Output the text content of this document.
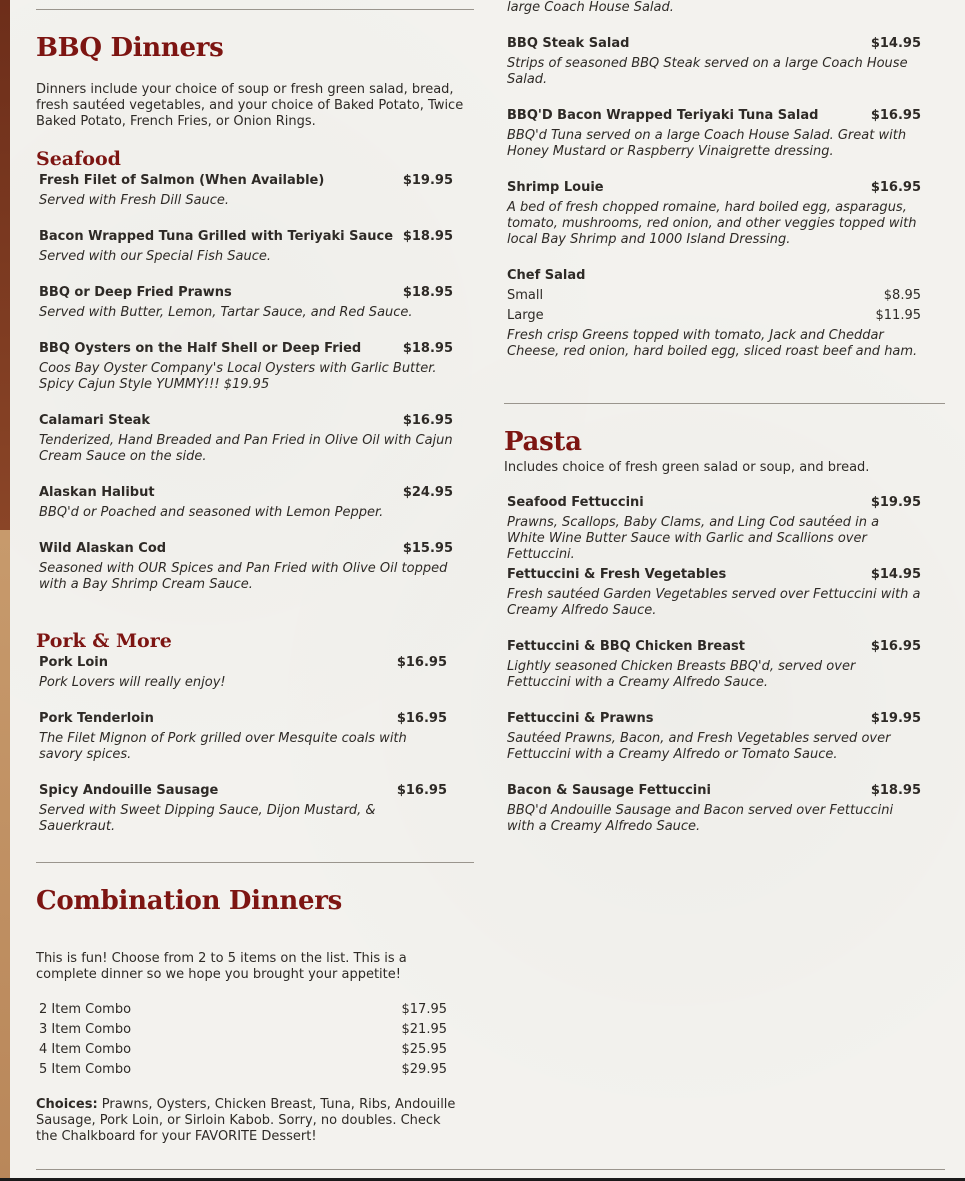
BBQ Dinners
Dinners include your choice of soup or fresh green salad, bread, fresh sautéed vegetables, and your choice of Baked Potato, Twice Baked Potato, French Fries, or Onion Rings.
Seafood
Fresh Filet of Salmon (When Available)	$19.95
Served with Fresh Dill Sauce.
Bacon Wrapped Tuna Grilled with Teriyaki Sauce $18.95
Served with our Special Fish Sauce.
BBQ or Deep Fried Prawns	$18.95
Served with Butter, Lemon, Tartar Sauce, and Red Sauce.
BBQ Oysters on the Half Shell or Deep Fried	$18.95
Coos Bay Oyster Company's Local Oysters with Garlic Butter. Spicy Cajun Style YUMMY!!! $19.95
Calamari Steak	$16.95
Tenderized, Hand Breaded and Pan Fried in Olive Oil with Cajun Cream Sauce on the side.
Alaskan Halibut	$24.95
BBQ'd or Poached and seasoned with Lemon Pepper.
Wild Alaskan Cod	$15.95
Seasoned with OUR Spices and Pan Fried with Olive Oil topped with a Bay Shrimp Cream Sauce.
Pork & More
Pork Loin	$16.95
Pork Lovers will really enjoy!
Pork Tenderloin	$16.95
The Filet Mignon of Pork grilled over Mesquite coals with savory spices.
Spicy Andouille Sausage	$16.95
Served with Sweet Dipping Sauce, Dijon Mustard, & Sauerkraut.
Combination Dinners
This is fun! Choose from 2 to 5 items on the list. This is a complete dinner so we hope you brought your appetite!
2 Item Combo	$17.95
3 Item Combo	$21.95
4 Item Combo	$25.95
5 Item Combo	$29.95
Choices: Prawns, Oysters, Chicken Breast, Tuna, Ribs, Andouille Sausage, Pork Loin, or Sirloin Kabob. Sorry, no doubles. Check the Chalkboard for your FAVORITE Dessert!
large Coach House Salad.
BBQ Steak Salad	$14.95
Strips of seasoned BBQ Steak served on a large Coach House Salad.
BBQ'D Bacon Wrapped Teriyaki Tuna Salad	$16.95
BBQ'd Tuna served on a large Coach House Salad. Great with Honey Mustard or Raspberry Vinaigrette dressing.
Shrimp Louie	$16.95
A bed of fresh chopped romaine, hard boiled egg, asparagus, tomato, mushrooms, red onion, and other veggies topped with local Bay Shrimp and 1000 Island Dressing.
Chef Salad
Small	$8.95
Large	$11.95
Fresh crisp Greens topped with tomato, Jack and Cheddar Cheese, red onion, hard boiled egg, sliced roast beef and ham.
Pasta
Includes choice of fresh green salad or soup, and bread.
Seafood Fettuccini	$19.95
Prawns, Scallops, Baby Clams, and Ling Cod sautéed in a White Wine Butter Sauce with Garlic and Scallions over Fettuccini.
Fettuccini & Fresh Vegetables	$14.95
Fresh sautéed Garden Vegetables served over Fettuccini with a Creamy Alfredo Sauce.
Fettuccini & BBQ Chicken Breast	$16.95
Lightly seasoned Chicken Breasts BBQ'd, served over Fettuccini with a Creamy Alfredo Sauce.
Fettuccini & Prawns	$19.95
Sautéed Prawns, Bacon, and Fresh Vegetables served over Fettuccini with a Creamy Alfredo or Tomato Sauce.
Bacon & Sausage Fettuccini	$18.95
BBQ'd Andouille Sausage and Bacon served over Fettuccini with a Creamy Alfredo Sauce.
